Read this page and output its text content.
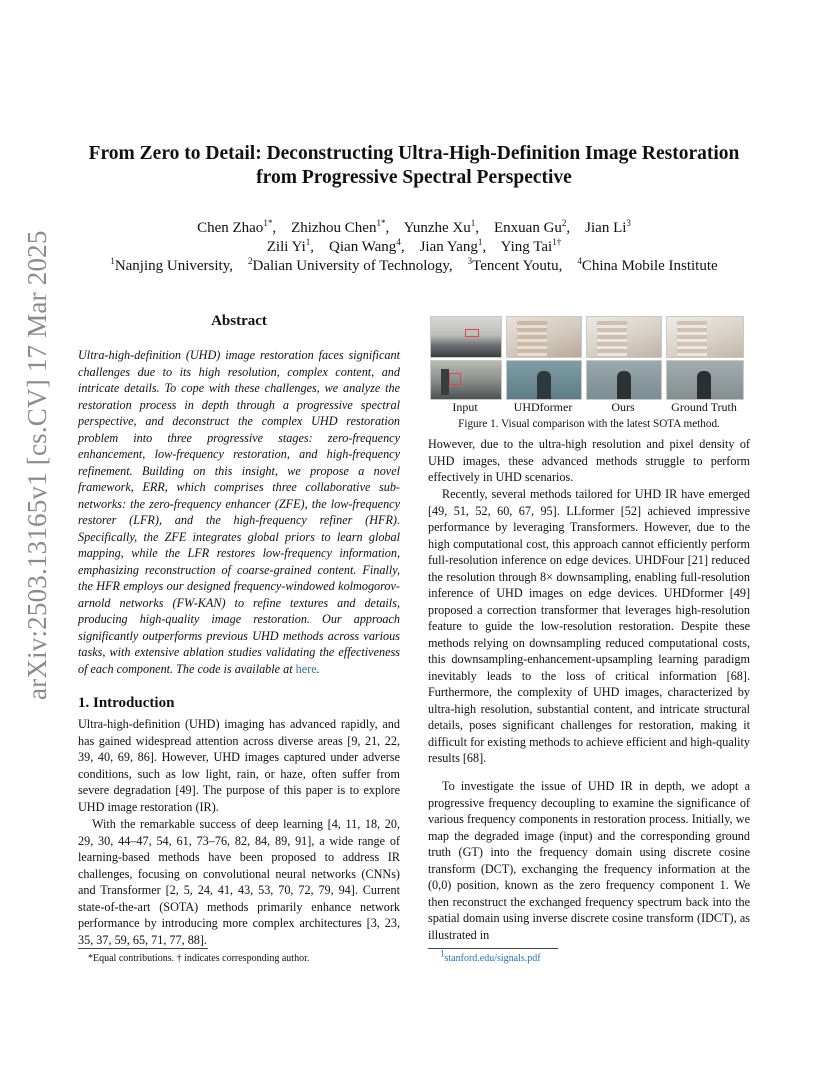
arXiv:2503.13165v1 [cs.CV] 17 Mar 2025
From Zero to Detail: Deconstructing Ultra-High-Definition Image Restoration
from Progressive Spectral Perspective
Chen Zhao$^{1*}$,    Zhizhou Chen$^{1*}$,    Yunzhe Xu$^1$,    Enxuan Gu$^2$,    Jian Li$^3$
Zili Yi$^1$,    Qian Wang$^4$,    Jian Yang$^1$,    Ying Tai$^{1\dagger}$
$^1$Nanjing University, $^2$Dalian University of Technology, $^3$Tencent Youtu, $^4$China Mobile Institute
Abstract
Ultra-high-definition (UHD) image restoration faces significant challenges due to its high resolution, complex content, and intricate details. To cope with these challenges, we analyze the restoration process in depth through a progressive spectral perspective, and deconstruct the complex UHD restoration problem into three progressive stages: zero-frequency enhancement, low-frequency restoration, and high-frequency refinement. Building on this insight, we propose a novel framework, ERR, which comprises three collaborative sub-networks: the zero-frequency enhancer (ZFE), the low-frequency restorer (LFR), and the high-frequency refiner (HFR). Specifically, the ZFE integrates global priors to learn global mapping, while the LFR restores low-frequency information, emphasizing reconstruction of coarse-grained content. Finally, the HFR employs our designed frequency-windowed kolmogorov-arnold networks (FW-KAN) to refine textures and details, producing high-quality image restoration. Our approach significantly outperforms previous UHD methods across various tasks, with extensive ablation studies validating the effectiveness of each component. The code is available at here.
1. Introduction
Ultra-high-definition (UHD) imaging has advanced rapidly, and has gained widespread attention across diverse areas [9, 21, 22, 39, 40, 69, 86]. However, UHD images captured under adverse conditions, such as low light, rain, or haze, often suffer from severe degradation [49]. The purpose of this paper is to explore UHD image restoration (IR).
With the remarkable success of deep learning [4, 11, 18, 20, 29, 30, 44–47, 54, 61, 73–76, 82, 84, 89, 91], a wide range of learning-based methods have been proposed to address IR challenges, focusing on convolutional neural networks (CNNs) and Transformer [2, 5, 24, 41, 43, 53, 70, 72, 79, 94]. Current state-of-the-art (SOTA) methods primarily enhance network performance by introducing more complex architectures [3, 23, 35, 37, 59, 65, 71, 77, 88].
*Equal contributions. † indicates corresponding author.
Input	UHDformer	Ours	Ground Truth
Figure 1. Visual comparison with the latest SOTA method.
However, due to the ultra-high resolution and pixel density of UHD images, these advanced methods struggle to perform effectively in UHD scenarios.
Recently, several methods tailored for UHD IR have emerged [49, 51, 52, 60, 67, 95]. LLformer [52] achieved impressive performance by leveraging Transformers. However, due to the high computational cost, this approach cannot efficiently perform full-resolution inference on edge devices. UHDFour [21] reduced the resolution through 8× downsampling, enabling full-resolution inference of UHD images on edge devices. UHDformer [49] proposed a correction transformer that leverages high-resolution feature to guide the low-resolution restoration. Despite these methods relying on downsampling reduced computational costs, this downsampling-enhancement-upsampling learning paradigm inevitably leads to the loss of critical information [68]. Furthermore, the complexity of UHD images, characterized by ultra-high resolution, substantial content, and intricate structural details, poses significant challenges for restoration, making it difficult for existing methods to achieve efficient and high-quality results [68].
To investigate the issue of UHD IR in depth, we adopt a progressive frequency decoupling to examine the significance of various frequency components in restoration process. Initially, we map the degraded image (input) and the corresponding ground truth (GT) into the frequency domain using discrete cosine transform (DCT), exchanging the frequency information at the (0,0) position, known as the zero frequency component 1. We then reconstruct the exchanged frequency spectrum back into the spatial domain using inverse discrete cosine transform (IDCT), as illustrated in
$^1$stanford.edu/signals.pdf
